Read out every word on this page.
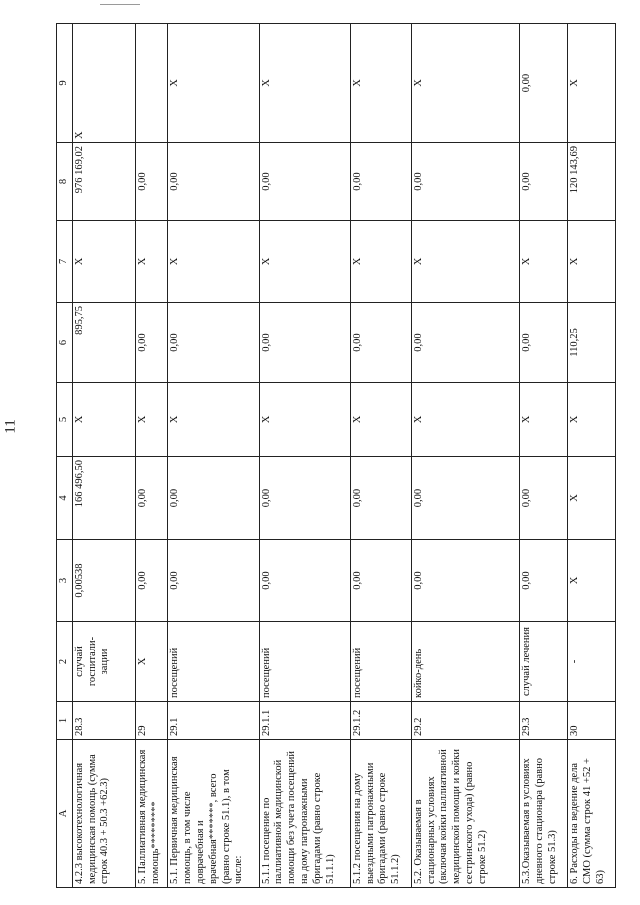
11
A	1	2	3	4	5	6	7	8	9
4.2.3 высокотехнологичная медицинская помощь (сумма строк 40.3 + 50.3 +62.3)	28.3	случай госпитали-зации	0,00538	166 496,50	Х	895,75	Х	976 169,02	Х
5. Паллиативная медицинская помощь*********	29	Х	0,00	0,00	Х	0,00	Х	0,00	
5.1. Первичная медицинская помощь, в том числе доврачебная и врачебная*******, всего (равно строке 51.1), в том числе:	29.1	посещений	0,00	0,00	Х	0,00	Х	0,00	Х
5.1.1 посещение по паллиативной медицинской помощи без учета посещений на дому патронажными бригадами (равно строке 51.1.1)	29.1.1	посещений	0,00	0,00	Х	0,00	Х	0,00	Х
5.1.2 посещения на дому выездными патронажными бригадами (равно строке 51.1.2)	29.1.2	посещений	0,00	0,00	Х	0,00	Х	0,00	Х
5.2. Оказываемая в стационарных условиях (включая койки паллиативной медицинской помощи и койки сестринского ухода) (равно строке 51.2)	29.2	койко-день	0,00	0,00	Х	0,00	Х	0,00	Х
5.3.Оказываемая в условиях дневного стационара (равно строке 51.3)	29.3	случай лечения	0,00	0,00	Х	0,00	Х	0,00	0,00
6. Расходы на ведение дела СМО (сумма строк 41 +52 + 63)	30	-	Х	Х	Х	110,25	Х	120 143,69	Х
